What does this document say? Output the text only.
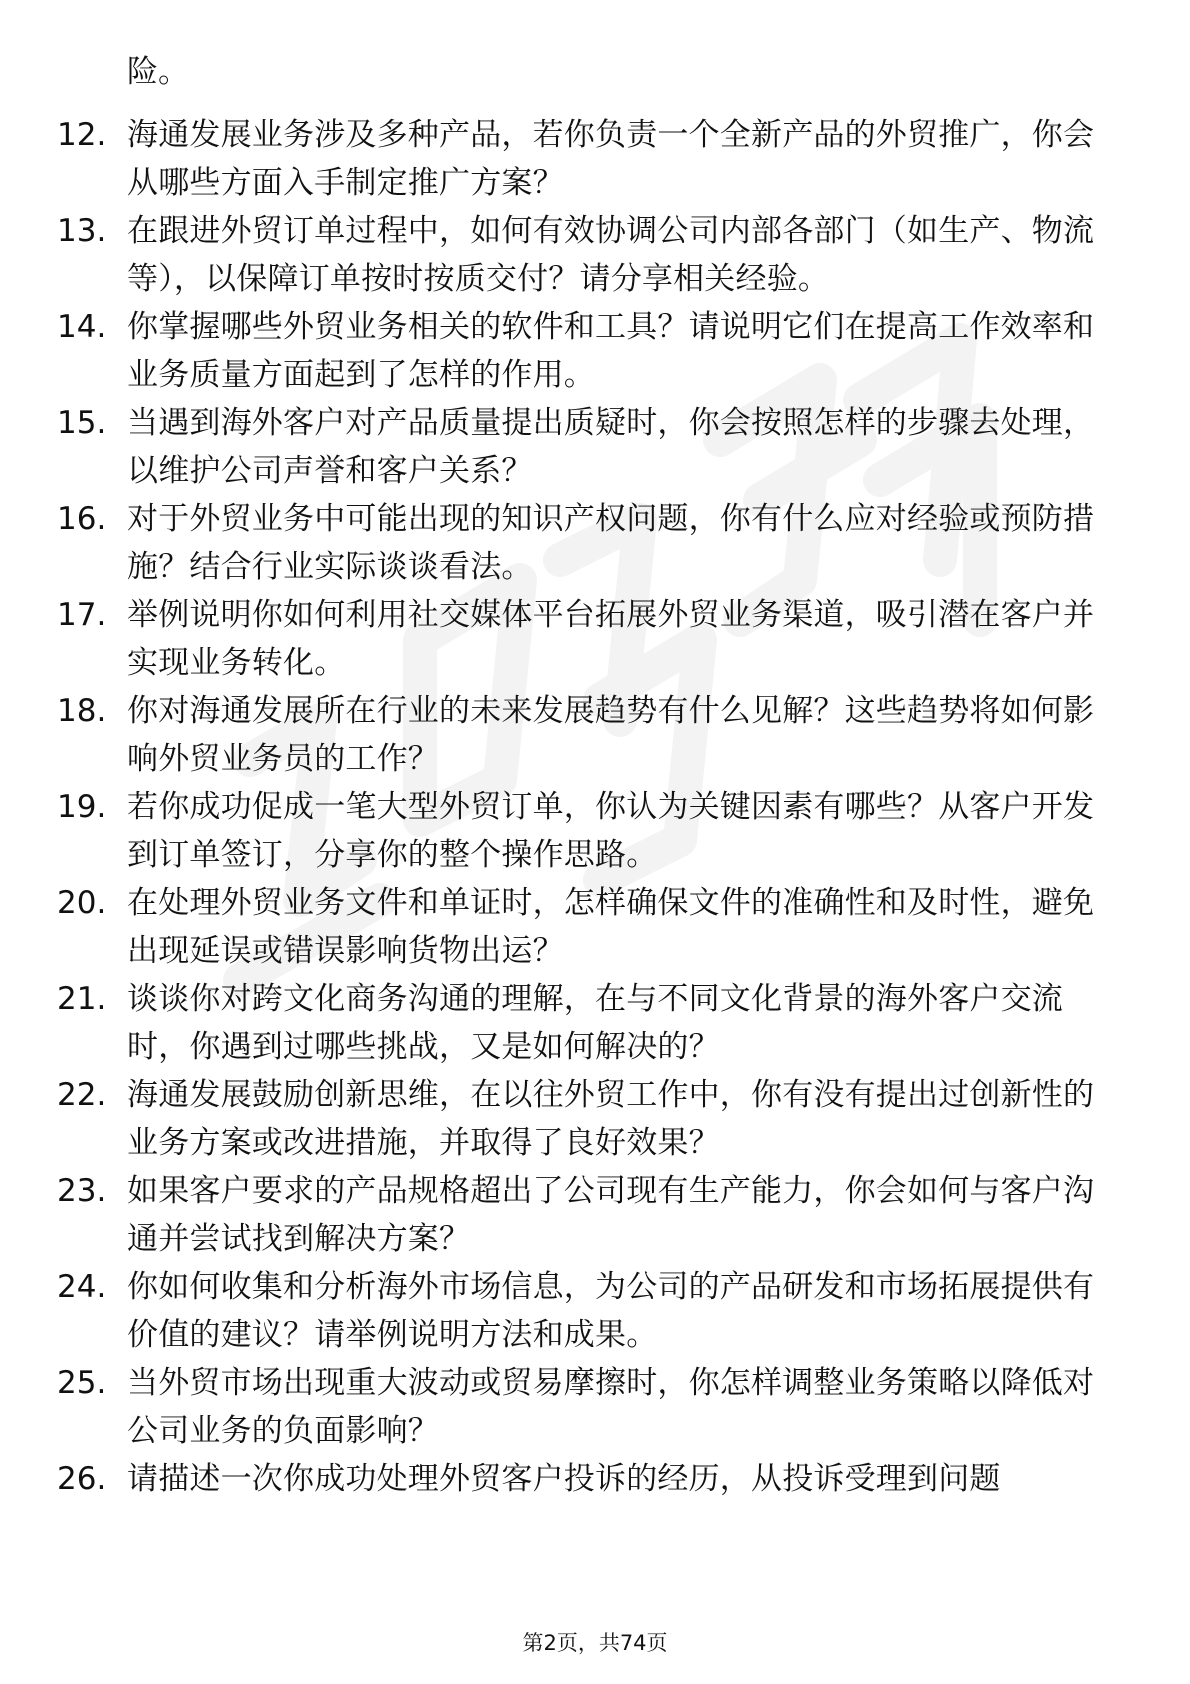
险。
12. 海通发展业务涉及多种产品，若你负责一个全新产品的外贸推广，你会从哪些方面入手制定推广方案？
13. 在跟进外贸订单过程中，如何有效协调公司内部各部门（如生产、物流等），以保障订单按时按质交付？请分享相关经验。
14. 你掌握哪些外贸业务相关的软件和工具？请说明它们在提高工作效率和业务质量方面起到了怎样的作用。
15. 当遇到海外客户对产品质量提出质疑时，你会按照怎样的步骤去处理，以维护公司声誉和客户关系？
16. 对于外贸业务中可能出现的知识产权问题，你有什么应对经验或预防措施？结合行业实际谈谈看法。
17. 举例说明你如何利用社交媒体平台拓展外贸业务渠道，吸引潜在客户并实现业务转化。
18. 你对海通发展所在行业的未来发展趋势有什么见解？这些趋势将如何影响外贸业务员的工作？
19. 若你成功促成一笔大型外贸订单，你认为关键因素有哪些？从客户开发到订单签订，分享你的整个操作思路。
20. 在处理外贸业务文件和单证时，怎样确保文件的准确性和及时性，避免出现延误或错误影响货物出运？
21. 谈谈你对跨文化商务沟通的理解，在与不同文化背景的海外客户交流时，你遇到过哪些挑战，又是如何解决的？
22. 海通发展鼓励创新思维，在以往外贸工作中，你有没有提出过创新性的业务方案或改进措施，并取得了良好效果？
23. 如果客户要求的产品规格超出了公司现有生产能力，你会如何与客户沟通并尝试找到解决方案？
24. 你如何收集和分析海外市场信息，为公司的产品研发和市场拓展提供有价值的建议？请举例说明方法和成果。
25. 当外贸市场出现重大波动或贸易摩擦时，你怎样调整业务策略以降低对公司业务的负面影响？
26. 请描述一次你成功处理外贸客户投诉的经历，从投诉受理到问题
第2页，共74页
